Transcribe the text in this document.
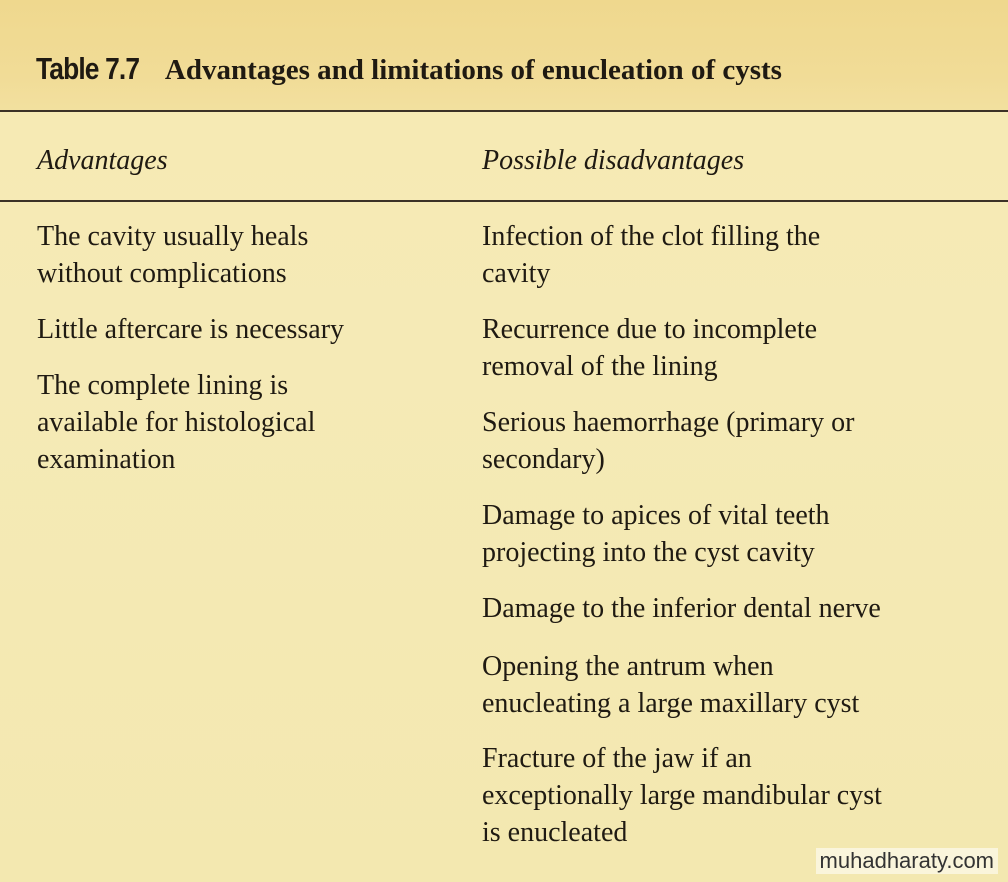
Table 7.7 Advantages and limitations of enucleation of cysts
Advantages	Possible disadvantages

The cavity usually heals

without complications

Little aftercare is necessary

The complete lining is

available for histological

examination

Infection of the clot filling the

cavity

Recurrence due to incomplete

removal of the lining

Serious haemorrhage (primary or

secondary)

Damage to apices of vital teeth

projecting into the cyst cavity

Damage to the inferior dental nerve

Opening the antrum when

enucleating a large maxillary cyst

Fracture of the jaw if an

exceptionally large mandibular cyst

is enucleated

muhadharaty.com
